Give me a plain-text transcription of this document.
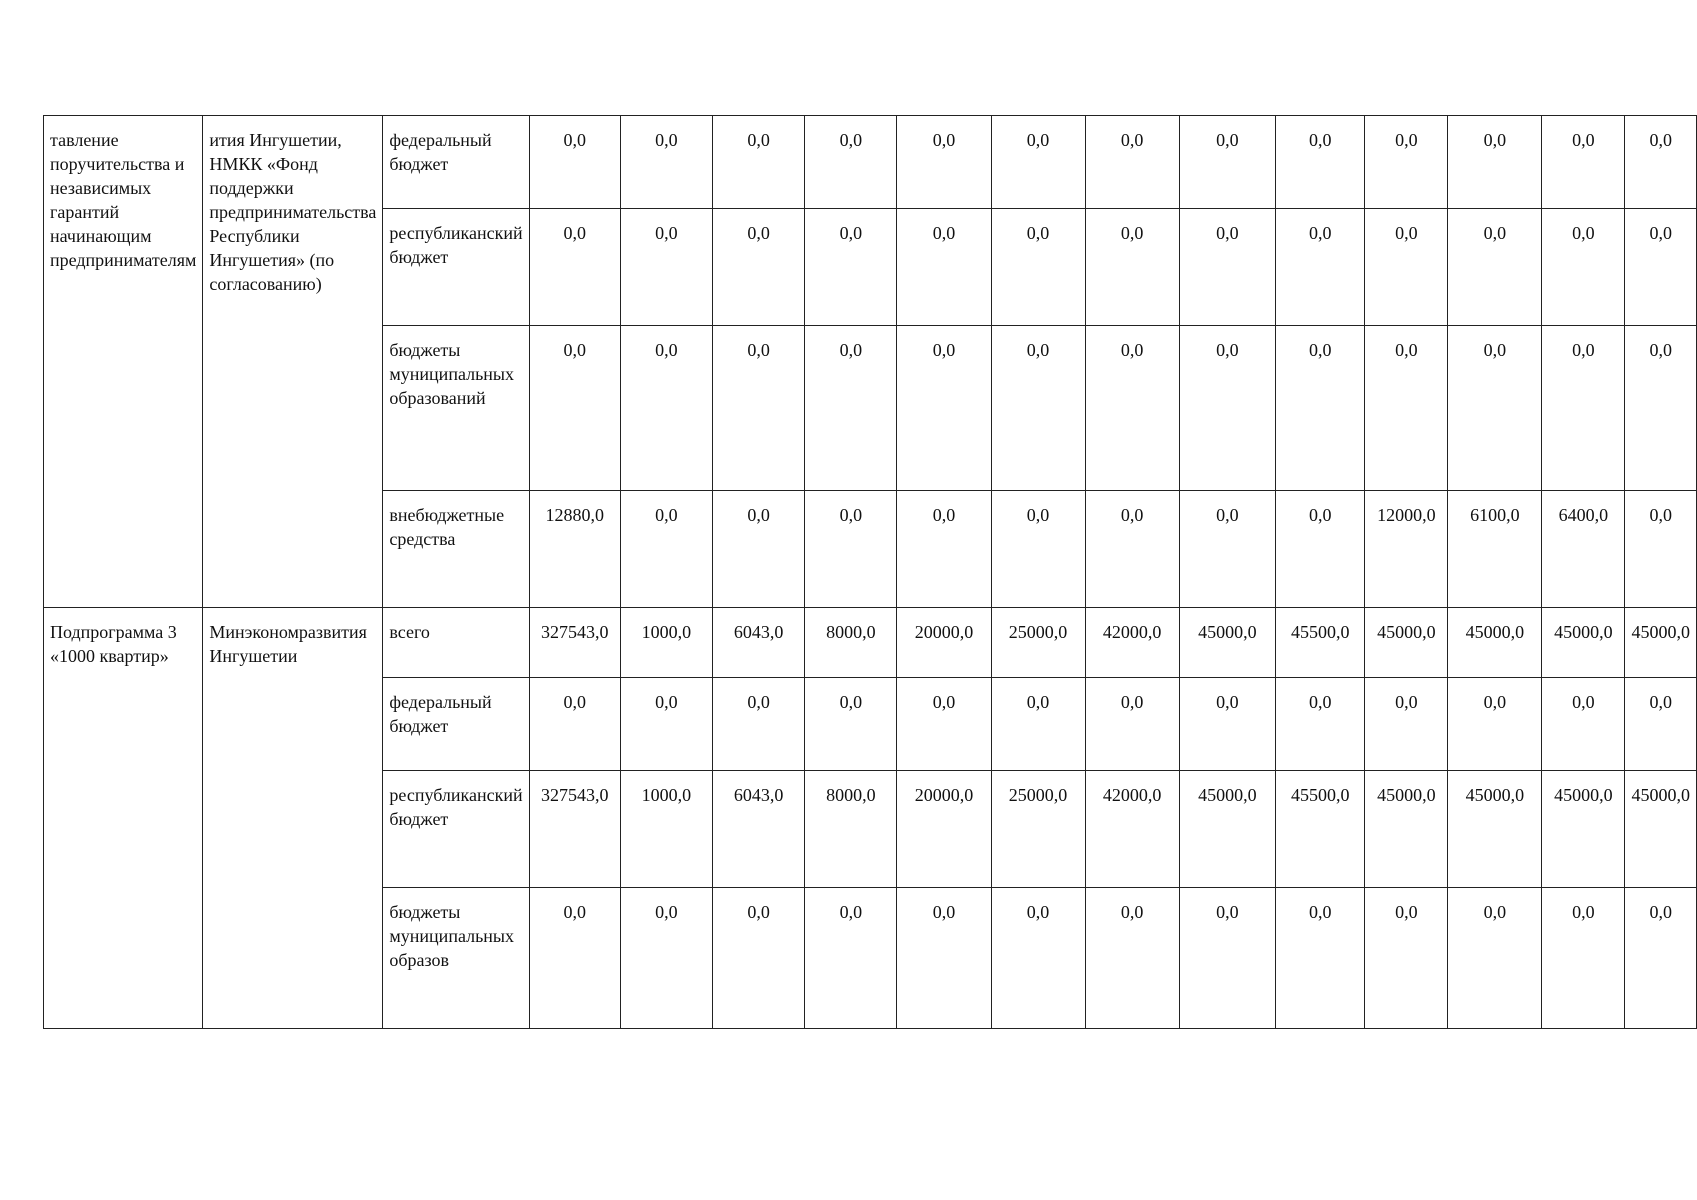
тавление поручительства и независимых гарантий начинающим предпринимателям	ития Ингушетии, НМКК «Фонд поддержки предпринимательства Республики Ингушетия» (по согласованию)	федеральный бюджет	0,0	0,0	0,0	0,0	0,0	0,0	0,0	0,0	0,0	0,0	0,0	0,0	0,0
		республиканский бюджет	0,0	0,0	0,0	0,0	0,0	0,0	0,0	0,0	0,0	0,0	0,0	0,0	0,0
		бюджеты муниципальных образований	0,0	0,0	0,0	0,0	0,0	0,0	0,0	0,0	0,0	0,0	0,0	0,0	0,0
		внебюджетные средства	12880,0	0,0	0,0	0,0	0,0	0,0	0,0	0,0	0,0	12000,0	6100,0	6400,0	0,0
Подпрограмма 3 «1000 квартир»	Минэкономразвития Ингушетии	всего	327543,0	1000,0	6043,0	8000,0	20000,0	25000,0	42000,0	45000,0	45500,0	45000,0	45000,0	45000,0	45000,0
		федеральный бюджет	0,0	0,0	0,0	0,0	0,0	0,0	0,0	0,0	0,0	0,0	0,0	0,0	0,0
		республиканский бюджет	327543,0	1000,0	6043,0	8000,0	20000,0	25000,0	42000,0	45000,0	45500,0	45000,0	45000,0	45000,0	45000,0
		бюджеты муниципальных образов	0,0	0,0	0,0	0,0	0,0	0,0	0,0	0,0	0,0	0,0	0,0	0,0	0,0
